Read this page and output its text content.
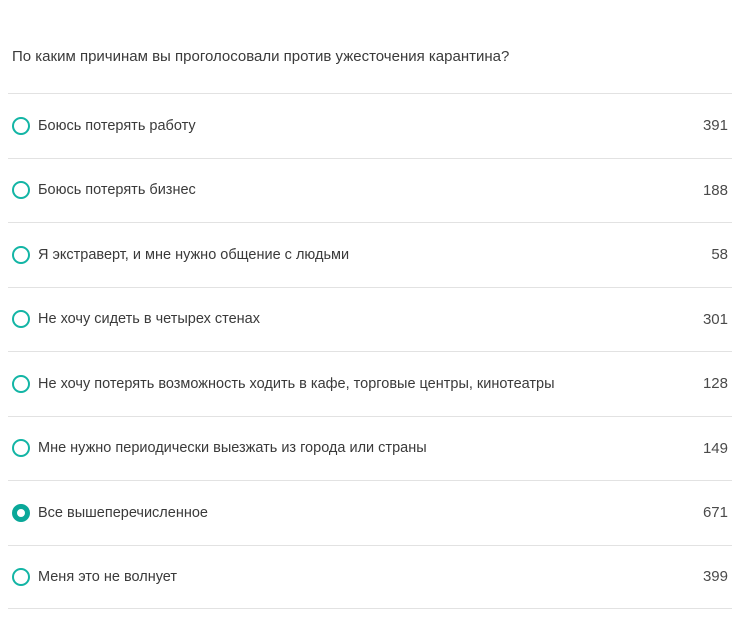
По каким причинам вы проголосовали против ужесточения карантина?
Боюсь потерять работу	391
Боюсь потерять бизнес	188
Я экстраверт, и мне нужно общение с людьми	58
Не хочу сидеть в четырех стенах	301
Не хочу потерять возможность ходить в кафе, торговые центры, кинотеатры	128
Мне нужно периодически выезжать из города или страны	149
Все вышеперечисленное	671
Меня это не волнует	399
